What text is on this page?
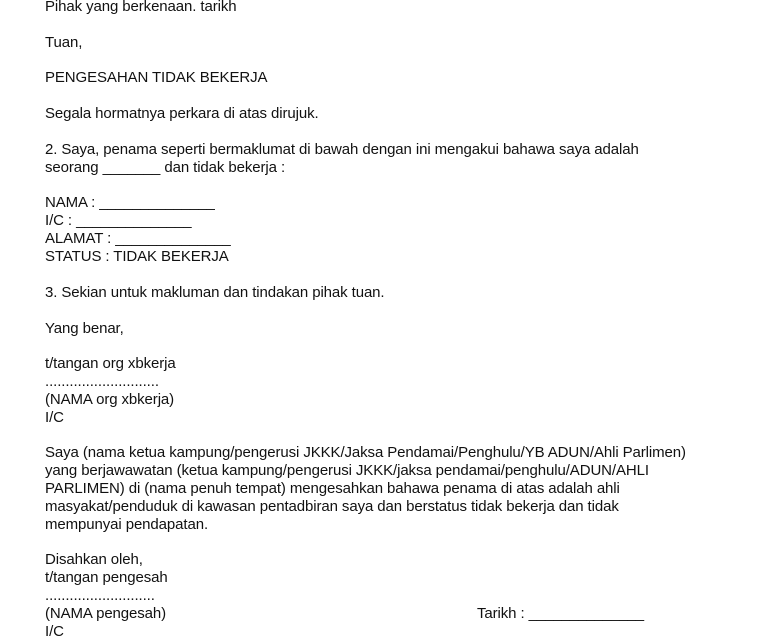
Pihak yang berkenaan. tarikh
Tuan,
PENGESAHAN TIDAK BEKERJA
Segala hormatnya perkara di atas dirujuk.
2. Saya, penama seperti bermaklumat di bawah dengan ini mengakui bahawa saya adalah
seorang _______ dan tidak bekerja :
NAMA : ______________
I/C : ______________
ALAMAT : ______________
STATUS : TIDAK BEKERJA
3. Sekian untuk makluman dan tindakan pihak tuan.
Yang benar,
t/tangan org xbkerja
............................
(NAMA org xbkerja)
I/C
Saya (nama ketua kampung/pengerusi JKKK/Jaksa Pendamai/Penghulu/YB ADUN/Ahli Parlimen)
yang berjawawatan (ketua kampung/pengerusi JKKK/jaksa pendamai/penghulu/ADUN/AHLI
PARLIMEN) di (nama penuh tempat) mengesahkan bahawa penama di atas adalah ahli
masyakat/penduduk di kawasan pentadbiran saya dan berstatus tidak bekerja dan tidak
mempunyai pendapatan.
Disahkan oleh,
t/tangan pengesah
...........................
(NAMA pengesah)	Tarikh : ______________
I/C
